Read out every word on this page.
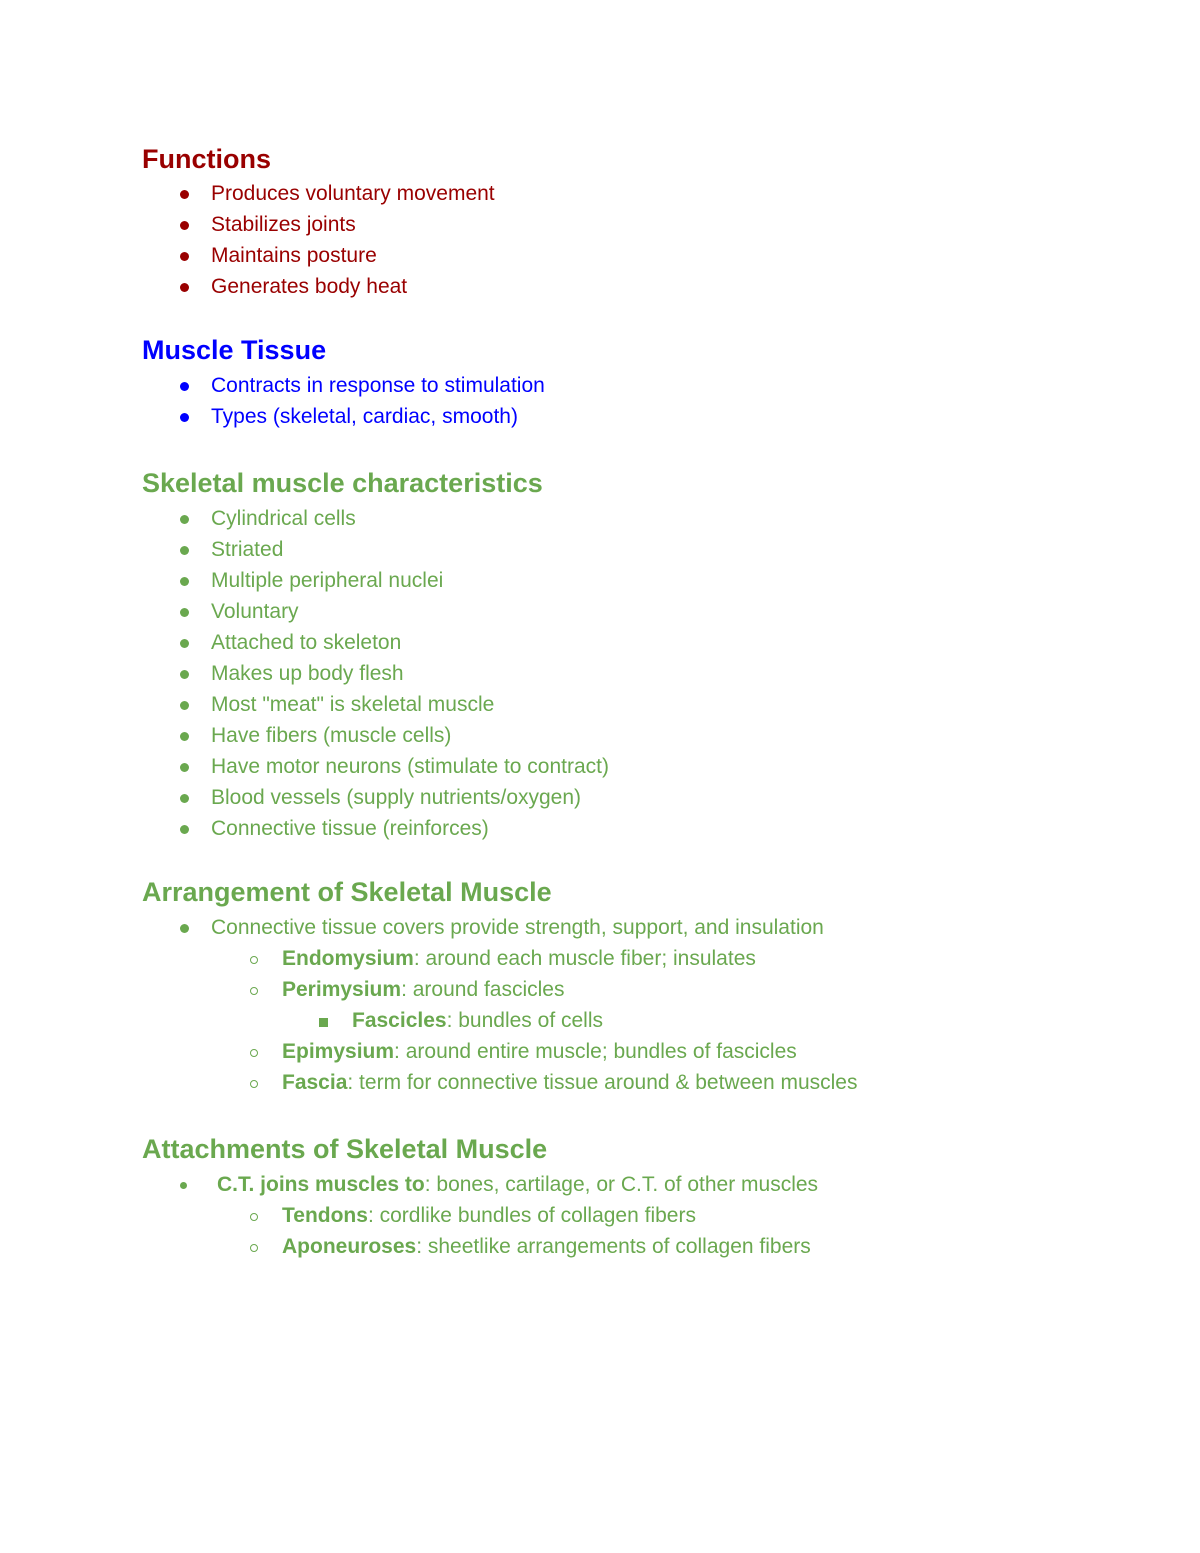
Functions
Produces voluntary movement
Stabilizes joints
Maintains posture
Generates body heat
Muscle Tissue
Contracts in response to stimulation
Types (skeletal, cardiac, smooth)
Skeletal muscle characteristics
Cylindrical cells
Striated
Multiple peripheral nuclei
Voluntary
Attached to skeleton
Makes up body flesh
Most "meat" is skeletal muscle
Have fibers (muscle cells)
Have motor neurons (stimulate to contract)
Blood vessels (supply nutrients/oxygen)
Connective tissue (reinforces)
Arrangement of Skeletal Muscle
Connective tissue covers provide strength, support, and insulation
Endomysium: around each muscle fiber; insulates
Perimysium: around fascicles
Fascicles: bundles of cells
Epimysium: around entire muscle; bundles of fascicles
Fascia: term for connective tissue around & between muscles
Attachments of Skeletal Muscle
C.T. joins muscles to: bones, cartilage, or C.T. of other muscles
Tendons: cordlike bundles of collagen fibers
Aponeuroses: sheetlike arrangements of collagen fibers
